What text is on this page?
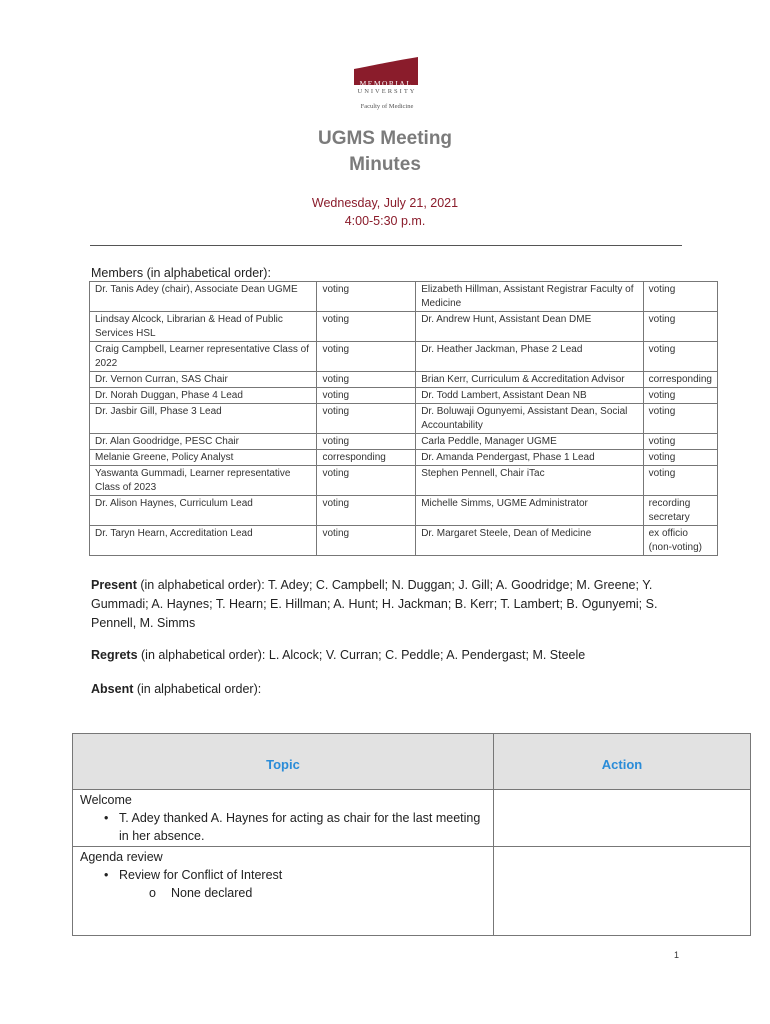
MEMORIAL
UNIVERSITY
Faculty of Medicine
UGMS Meeting
Minutes
Wednesday, July 21, 2021
4:00-5:30 p.m.
Members (in alphabetical order):
Dr. Tanis Adey (chair), Associate Dean UGME	voting	Elizabeth Hillman, Assistant Registrar Faculty of Medicine	voting
Lindsay Alcock, Librarian & Head of Public Services HSL	voting	Dr. Andrew Hunt, Assistant Dean DME	voting
Craig Campbell, Learner representative Class of 2022	voting	Dr. Heather Jackman, Phase 2 Lead	voting
Dr. Vernon Curran, SAS Chair	voting	Brian Kerr, Curriculum & Accreditation Advisor	corresponding
Dr. Norah Duggan, Phase 4 Lead	voting	Dr. Todd Lambert, Assistant Dean NB	voting
Dr. Jasbir Gill, Phase 3 Lead	voting	Dr. Boluwaji Ogunyemi, Assistant Dean, Social Accountability	voting
Dr. Alan Goodridge, PESC Chair	voting	Carla Peddle, Manager UGME	voting
Melanie Greene, Policy Analyst	corresponding	Dr. Amanda Pendergast, Phase 1 Lead	voting
Yaswanta Gummadi, Learner representative Class of 2023	voting	Stephen Pennell, Chair iTac	voting
Dr. Alison Haynes, Curriculum Lead	voting	Michelle Simms, UGME Administrator	recording secretary
Dr. Taryn Hearn, Accreditation Lead	voting	Dr. Margaret Steele, Dean of Medicine	ex officio (non-voting)
Present (in alphabetical order): T. Adey; C. Campbell; N. Duggan; J. Gill; A. Goodridge; M. Greene; Y. Gummadi; A. Haynes; T. Hearn; E. Hillman; A. Hunt; H. Jackman; B. Kerr; T. Lambert; B. Ogunyemi; S. Pennell, M. Simms
Regrets (in alphabetical order): L. Alcock; V. Curran; C. Peddle; A. Pendergast; M. Steele
Absent (in alphabetical order):
Topic	Action

Welcome
• T. Adey thanked A. Haynes for acting as chair for the last meeting in her absence.	

Agenda review
• Review for Conflict of Interest
o None declared	

1
